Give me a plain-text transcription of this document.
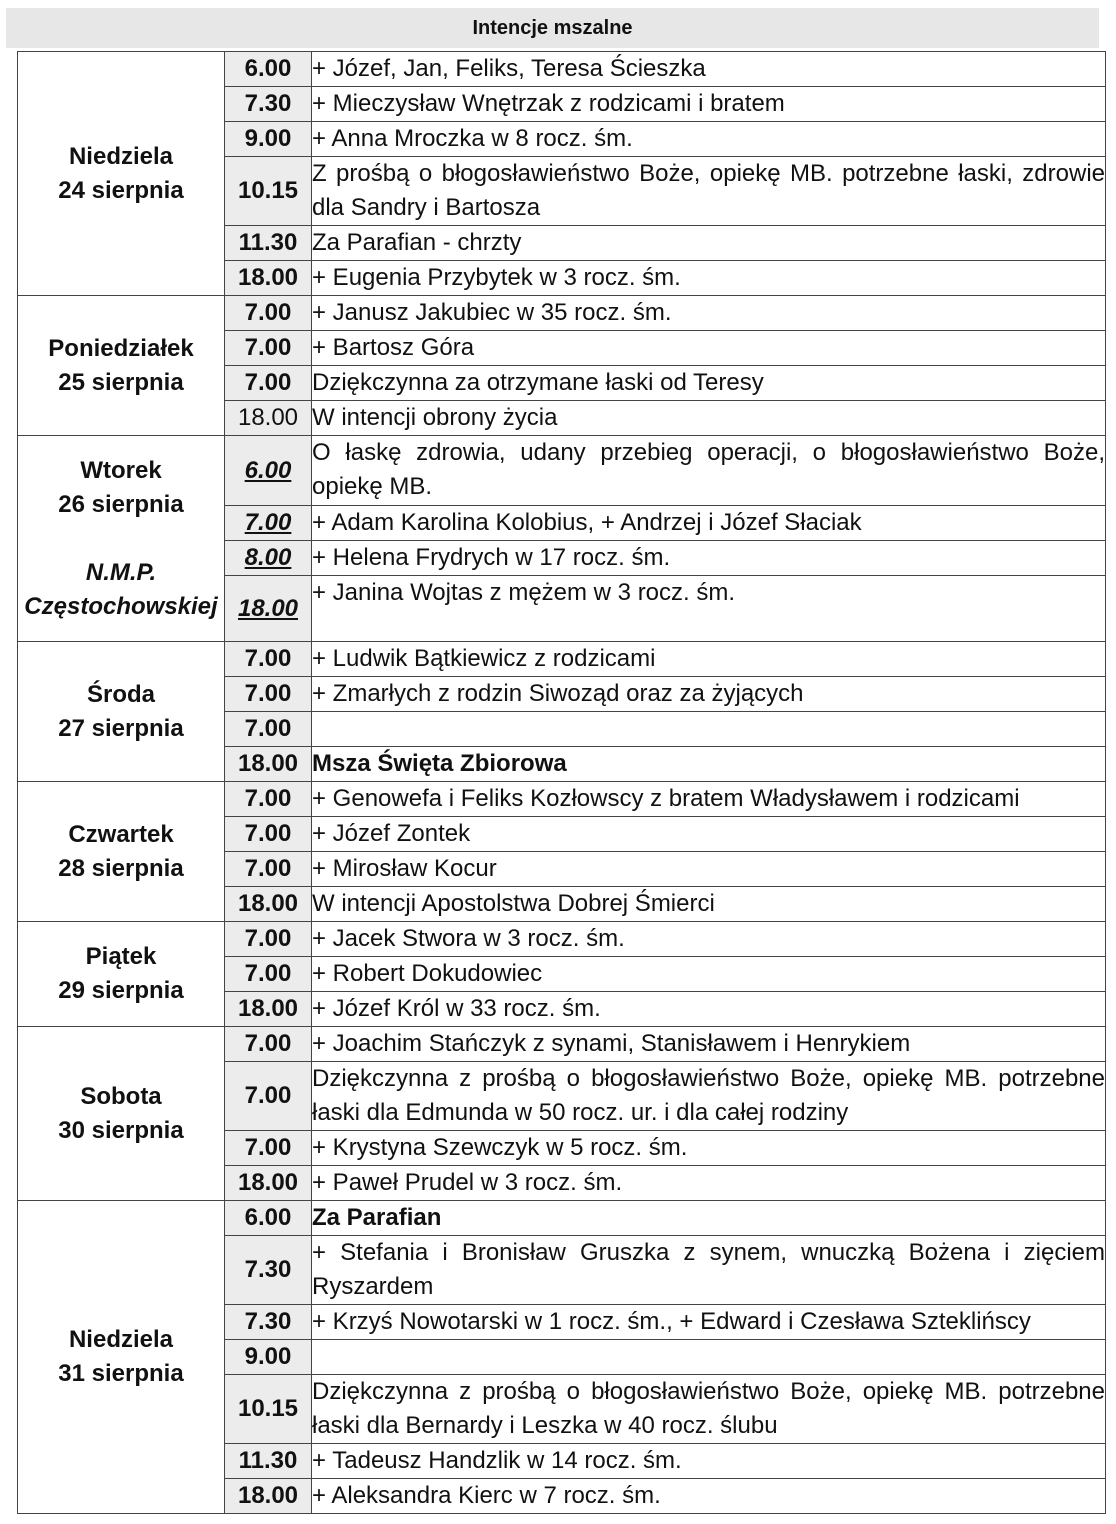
Intencje mszalne
Niedziela
24 sierpnia	6.00	+ Józef, Jan, Feliks, Teresa Ścieszka
	7.30	+ Mieczysław Wnętrzak z rodzicami i bratem
	9.00	+ Anna Mroczka w 8 rocz. śm.
	10.15	Z prośbą o błogosławieństwo Boże, opiekę MB. potrzebne łaski, zdrowie dla Sandry i Bartosza
	11.30	Za Parafian - chrzty
	18.00	+ Eugenia Przybytek w 3 rocz. śm.

Poniedziałek
25 sierpnia	7.00	+ Janusz Jakubiec w 35 rocz. śm.
	7.00	+ Bartosz Góra
	7.00	Dziękczynna za otrzymane łaski od Teresy
	18.00	W intencji obrony życia

Wtorek
26 sierpnia
N.M.P. Częstochowskiej	6.00	O łaskę zdrowia, udany przebieg operacji, o błogosławieństwo Boże, opiekę MB.
	7.00	+ Adam Karolina Kolobius, + Andrzej i Józef Słaciak
	8.00	+ Helena Frydrych w 17 rocz. śm.
	18.00	+ Janina Wojtas z mężem w 3 rocz. śm.

Środa
27 sierpnia	7.00	+ Ludwik Bątkiewicz z rodzicami
	7.00	+ Zmarłych z rodzin Siwoząd oraz za żyjących
	7.00	
	18.00	Msza Święta Zbiorowa

Czwartek
28 sierpnia	7.00	+ Genowefa i Feliks Kozłowscy z bratem Władysławem i rodzicami
	7.00	+ Józef Zontek
	7.00	+ Mirosław Kocur
	18.00	W intencji Apostolstwa Dobrej Śmierci

Piątek
29 sierpnia	7.00	+ Jacek Stwora w 3 rocz. śm.
	7.00	+ Robert Dokudowiec
	18.00	+ Józef Król w 33 rocz. śm.

Sobota
30 sierpnia	7.00	+ Joachim Stańczyk z synami, Stanisławem i Henrykiem
	7.00	Dziękczynna z prośbą o błogosławieństwo Boże, opiekę MB. potrzebne łaski dla Edmunda w 50 rocz. ur. i dla całej rodziny
	7.00	+ Krystyna Szewczyk w 5 rocz. śm.
	18.00	+ Paweł Prudel w 3 rocz. śm.

Niedziela
31 sierpnia	6.00	Za Parafian
	7.30	+ Stefania i Bronisław Gruszka z synem, wnuczką Bożena i zięciem Ryszardem
	7.30	+ Krzyś Nowotarski w 1 rocz. śm., + Edward i Czesława Szteklińscy
	9.00	
	10.15	Dziękczynna z prośbą o błogosławieństwo Boże, opiekę MB. potrzebne łaski dla Bernardy i Leszka w 40 rocz. ślubu
	11.30	+ Tadeusz Handzlik w 14 rocz. śm.
	18.00	+ Aleksandra Kierc w 7 rocz. śm.
